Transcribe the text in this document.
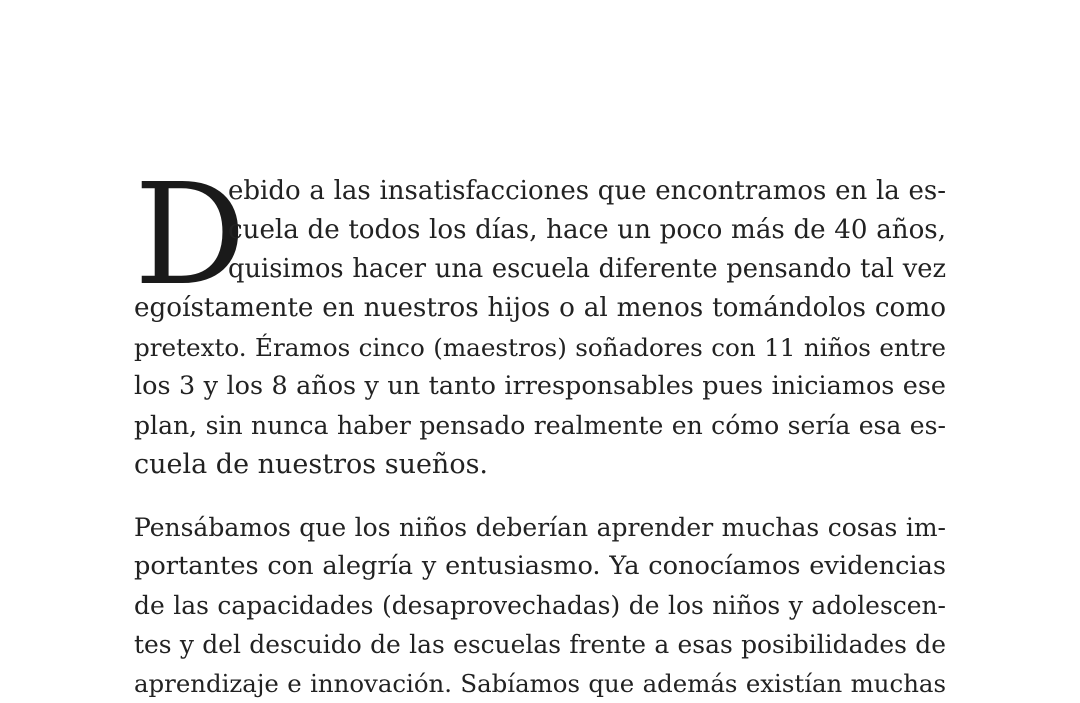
D
ebido a las insatisfacciones que encontramos en la es-
cuela de todos los días, hace un poco más de 40 años,
quisimos hacer una escuela diferente pensando tal vez
egoístamente en nuestros hijos o al menos tomándolos como
pretexto. Éramos cinco (maestros) soñadores con 11 niños entre
los 3 y los 8 años y un tanto irresponsables pues iniciamos ese
plan, sin nunca haber pensado realmente en cómo sería esa es-
cuela de nuestros sueños.
Pensábamos que los niños deberían aprender muchas cosas im-
portantes con alegría y entusiasmo. Ya conocíamos evidencias
de las capacidades (desaprovechadas) de los niños y adolescen-
tes y del descuido de las escuelas frente a esas posibilidades de
aprendizaje e innovación. Sabíamos que además existían muchas
